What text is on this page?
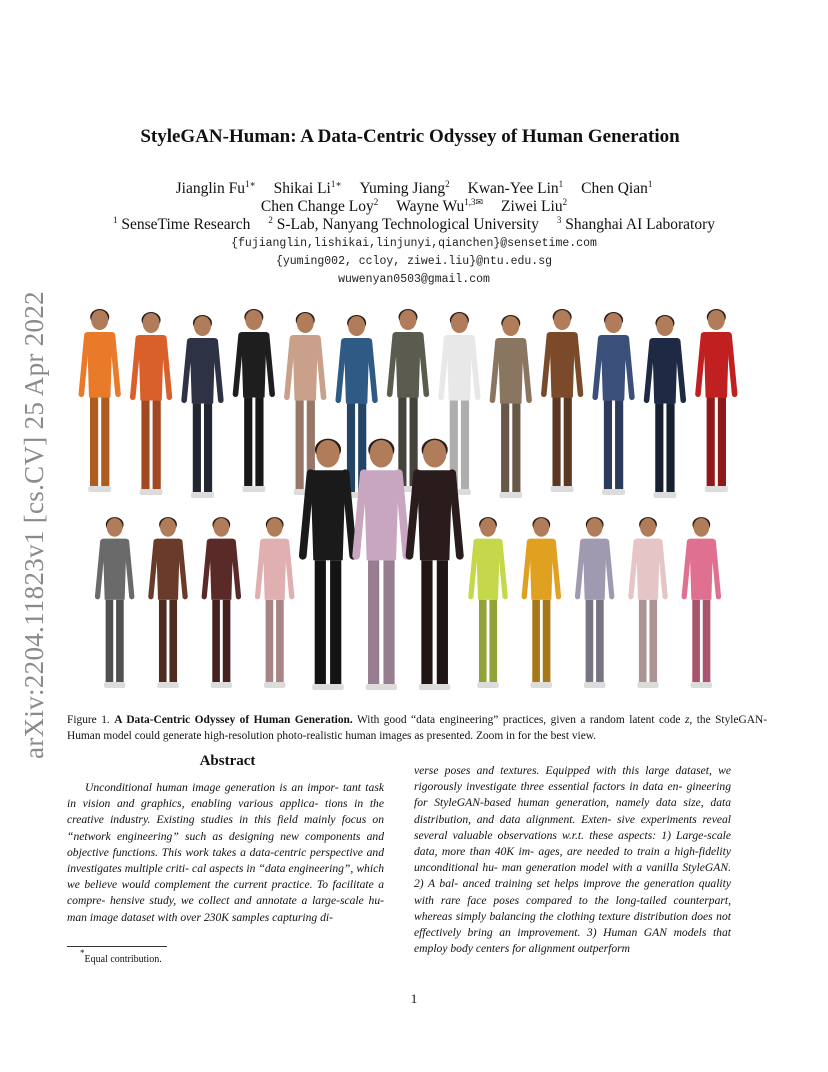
arXiv:2204.11823v1 [cs.CV] 25 Apr 2022
StyleGAN-Human: A Data-Centric Odyssey of Human Generation
Jianglin $Fu^{1∗}$ Shikai $Li^{1∗}$ Yuming Jiang$^2$ Kwan-Yee Lin$^1$ Chen Qian$^1$
Chen Change Loy$^2$ Wayne $Wu^{1,3✉}$ Ziwei Liu$^2$
$^1$ SenseTime Research $^2$ S-Lab, Nanyang Technological University $^3$ Shanghai AI Laboratory
{fujianglin,lishikai,linjunyi,qianchen}@sensetime.com
{yuming002, ccloy, ziwei.liu}@ntu.edu.sg
wuwenyan0503@gmail.com
Figure 1. A Data-Centric Odyssey of Human Generation. With good “data engineering” practices, given a random latent code z, the StyleGAN-Human model could generate high-resolution photo-realistic human images as presented. Zoom in for the best view.
Abstract

Unconditional human image generation is an impor- tant task in vision and graphics, enabling various applica- tions in the creative industry. Existing studies in this field mainly focus on “network engineering” such as designing new components and objective functions. This work takes a data-centric perspective and investigates multiple criti- cal aspects in “data engineering”, which we believe would complement the current practice. To facilitate a compre- hensive study, we collect and annotate a large-scale hu- man image dataset with over 230K samples capturing di-

verse poses and textures. Equipped with this large dataset, we rigorously investigate three essential factors in data en- gineering for StyleGAN-based human generation, namely data size, data distribution, and data alignment. Exten- sive experiments reveal several valuable observations w.r.t. these aspects: 1) Large-scale data, more than 40K im- ages, are needed to train a high-fidelity unconditional hu- man generation model with a vanilla StyleGAN. 2) A bal- anced training set helps improve the generation quality with rare face poses compared to the long-tailed counterpart, whereas simply balancing the clothing texture distribution does not effectively bring an improvement. 3) Human GAN models that employ body centers for alignment outperform

*Equal contribution.
1
